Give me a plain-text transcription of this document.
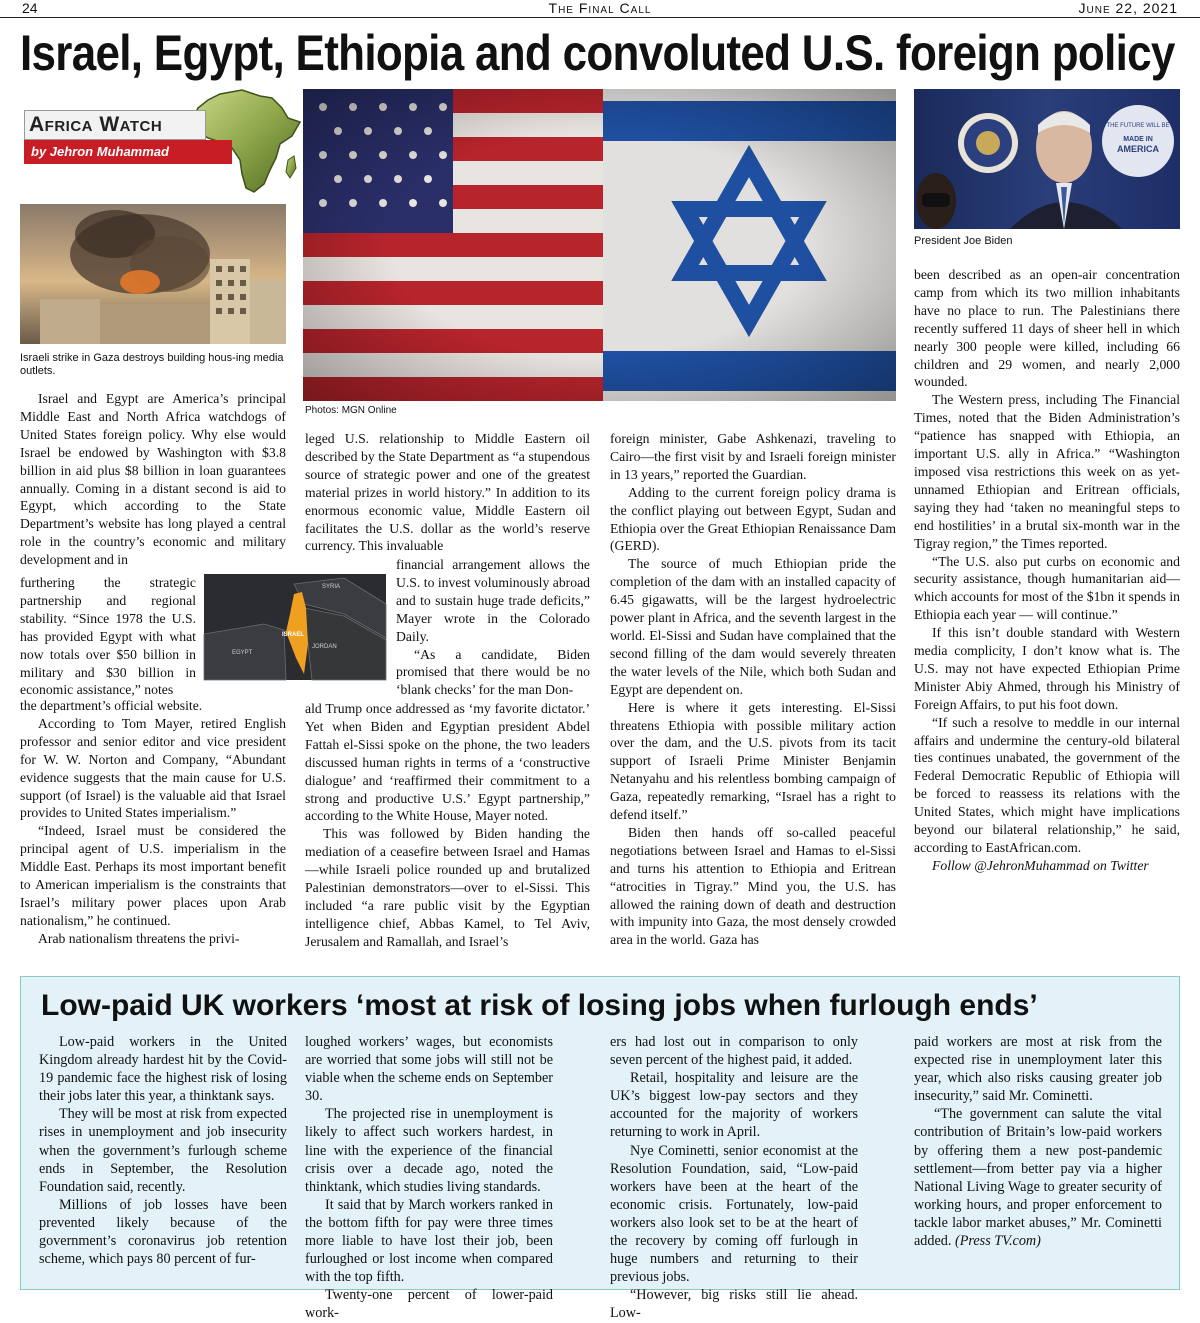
The Final Call
24	June 22, 2021
Israel, Egypt, Ethiopia and convoluted U.S. foreign policy
Africa Watch
by Jehron Muhammad
Israeli strike in Gaza destroys building hous-ing media outlets.
Photos: MGN Online
THE FUTURE WILL BE
MADE IN
AMERICA
President Joe Biden

Israel and Egypt are America’s principal Middle East and North Africa watchdogs of United States foreign policy. Why else would Israel be endowed by Washington with $3.8 billion in aid plus $8 billion in loan guarantees annually. Coming in a distant second is aid to Egypt, which according to the State Department’s website has long played a central role in the country’s economic and military development and in

furthering the strategic partnership and regional stability. “Since 1978 the U.S. has provided Egypt with what now totals over $50 billion in military and $30 billion in economic assistance,” notes

the department’s official website.

According to Tom Mayer, retired English professor and senior editor and vice president for W. W. Norton and Company, “Abundant evidence suggests that the main cause for U.S. support (of Israel) is the valuable aid that Israel provides to United States imperialism.”

“Indeed, Israel must be considered the principal agent of U.S. imperialism in the Middle East. Perhaps its most important benefit to American imperialism is the constraints that Israel’s military power places upon Arab nationalism,” he continued.

Arab nationalism threatens the privi-

SYRIA
ISRAEL
JORDAN
EGYPT

leged U.S. relationship to Middle Eastern oil described by the State Department as “a stupendous source of strategic power and one of the greatest material prizes in world history.” In addition to its enormous economic value, Middle Eastern oil facilitates the U.S. dollar as the world’s reserve currency. This invaluable

financial arrangement allows the U.S. to invest voluminously abroad and to sustain huge trade deficits,” Mayer wrote in the Colorado Daily.

“As a candidate, Biden promised that there would be no ‘blank checks’ for the man Don-

ald Trump once addressed as ‘my favorite dictator.’ Yet when Biden and Egyptian president Abdel Fattah el-Sissi spoke on the phone, the two leaders discussed human rights in terms of a ‘constructive dialogue’ and ‘reaffirmed their commitment to a strong and productive U.S.’ Egypt partnership,” according to the White House, Mayer noted.

This was followed by Biden handing the mediation of a ceasefire between Israel and Hamas—while Israeli police rounded up and brutalized Palestinian demonstrators—over to el-Sissi. This included “a rare public visit by the Egyptian intelligence chief, Abbas Kamel, to Tel Aviv, Jerusalem and Ramallah, and Israel’s

foreign minister, Gabe Ashkenazi, traveling to Cairo—the first visit by and Israeli foreign minister in 13 years,” reported the Guardian.

Adding to the current foreign policy drama is the conflict playing out between Egypt, Sudan and Ethiopia over the Great Ethiopian Renaissance Dam (GERD).

The source of much Ethiopian pride the completion of the dam with an installed capacity of 6.45 gigawatts, will be the largest hydroelectric power plant in Africa, and the seventh largest in the world. El-Sissi and Sudan have complained that the second filling of the dam would severely threaten the water levels of the Nile, which both Sudan and Egypt are dependent on.

Here is where it gets interesting. El-Sissi threatens Ethiopia with possible military action over the dam, and the U.S. pivots from its tacit support of Israeli Prime Minister Benjamin Netanyahu and his relentless bombing campaign of Gaza, repeatedly remarking, “Israel has a right to defend itself.”

Biden then hands off so-called peaceful negotiations between Israel and Hamas to el-Sissi and turns his attention to Ethiopia and Eritrean “atrocities in Tigray.” Mind you, the U.S. has allowed the raining down of death and destruction with impunity into Gaza, the most densely crowded area in the world. Gaza has

been described as an open-air concentration camp from which its two million inhabitants have no place to run. The Palestinians there recently suffered 11 days of sheer hell in which nearly 300 people were killed, including 66 children and 29 women, and nearly 2,000 wounded.

The Western press, including The Financial Times, noted that the Biden Administration’s “patience has snapped with Ethiopia, an important U.S. ally in Africa.” “Washington imposed visa restrictions this week on as yet-unnamed Ethiopian and Eritrean officials, saying they had ‘taken no meaningful steps to end hostilities’ in a brutal six-month war in the Tigray region,” the Times reported.

“The U.S. also put curbs on economic and security assistance, though humanitarian aid—which accounts for most of the $1bn it spends in Ethiopia each year — will continue.”

If this isn’t double standard with Western media complicity, I don’t know what is. The U.S. may not have expected Ethiopian Prime Minister Abiy Ahmed, through his Ministry of Foreign Affairs, to put his foot down.

“If such a resolve to meddle in our internal affairs and undermine the century-old bilateral ties continues unabated, the government of the Federal Democratic Republic of Ethiopia will be forced to reassess its relations with the United States, which might have implications beyond our bilateral relationship,” he said, according to EastAfrican.com.

Follow @JehronMuhammad on Twitter

Low-paid UK workers ‘most at risk of losing jobs when furlough ends’

Low-paid workers in the United Kingdom already hardest hit by the Covid-19 pandemic face the highest risk of losing their jobs later this year, a thinktank says.

They will be most at risk from expected rises in unemployment and job insecurity when the government’s furlough scheme ends in September, the Resolution Foundation said, recently.

Millions of job losses have been prevented likely because of the government’s coronavirus job retention scheme, which pays 80 percent of fur-

loughed workers’ wages, but economists are worried that some jobs will still not be viable when the scheme ends on September 30.

The projected rise in unemployment is likely to affect such workers hardest, in line with the experience of the financial crisis over a decade ago, noted the thinktank, which studies living standards.

It said that by March workers ranked in the bottom fifth for pay were three times more liable to have lost their job, been furloughed or lost income when compared with the top fifth.

Twenty-one percent of lower-paid work-

ers had lost out in comparison to only seven percent of the highest paid, it added.

Retail, hospitality and leisure are the UK’s biggest low-pay sectors and they accounted for the majority of workers returning to work in April.

Nye Cominetti, senior economist at the Resolution Foundation, said, “Low-paid workers have been at the heart of the economic crisis. Fortunately, low-paid workers also look set to be at the heart of the recovery by coming off furlough in huge numbers and returning to their previous jobs.

“However, big risks still lie ahead. Low-

paid workers are most at risk from the expected rise in unemployment later this year, which also risks causing greater job insecurity,” said Mr. Cominetti.

“The government can salute the vital contribution of Britain’s low-paid workers by offering them a new post-pandemic settlement—from better pay via a higher National Living Wage to greater security of working hours, and proper enforcement to tackle labor market abuses,” Mr. Cominetti added. (Press TV.com)
